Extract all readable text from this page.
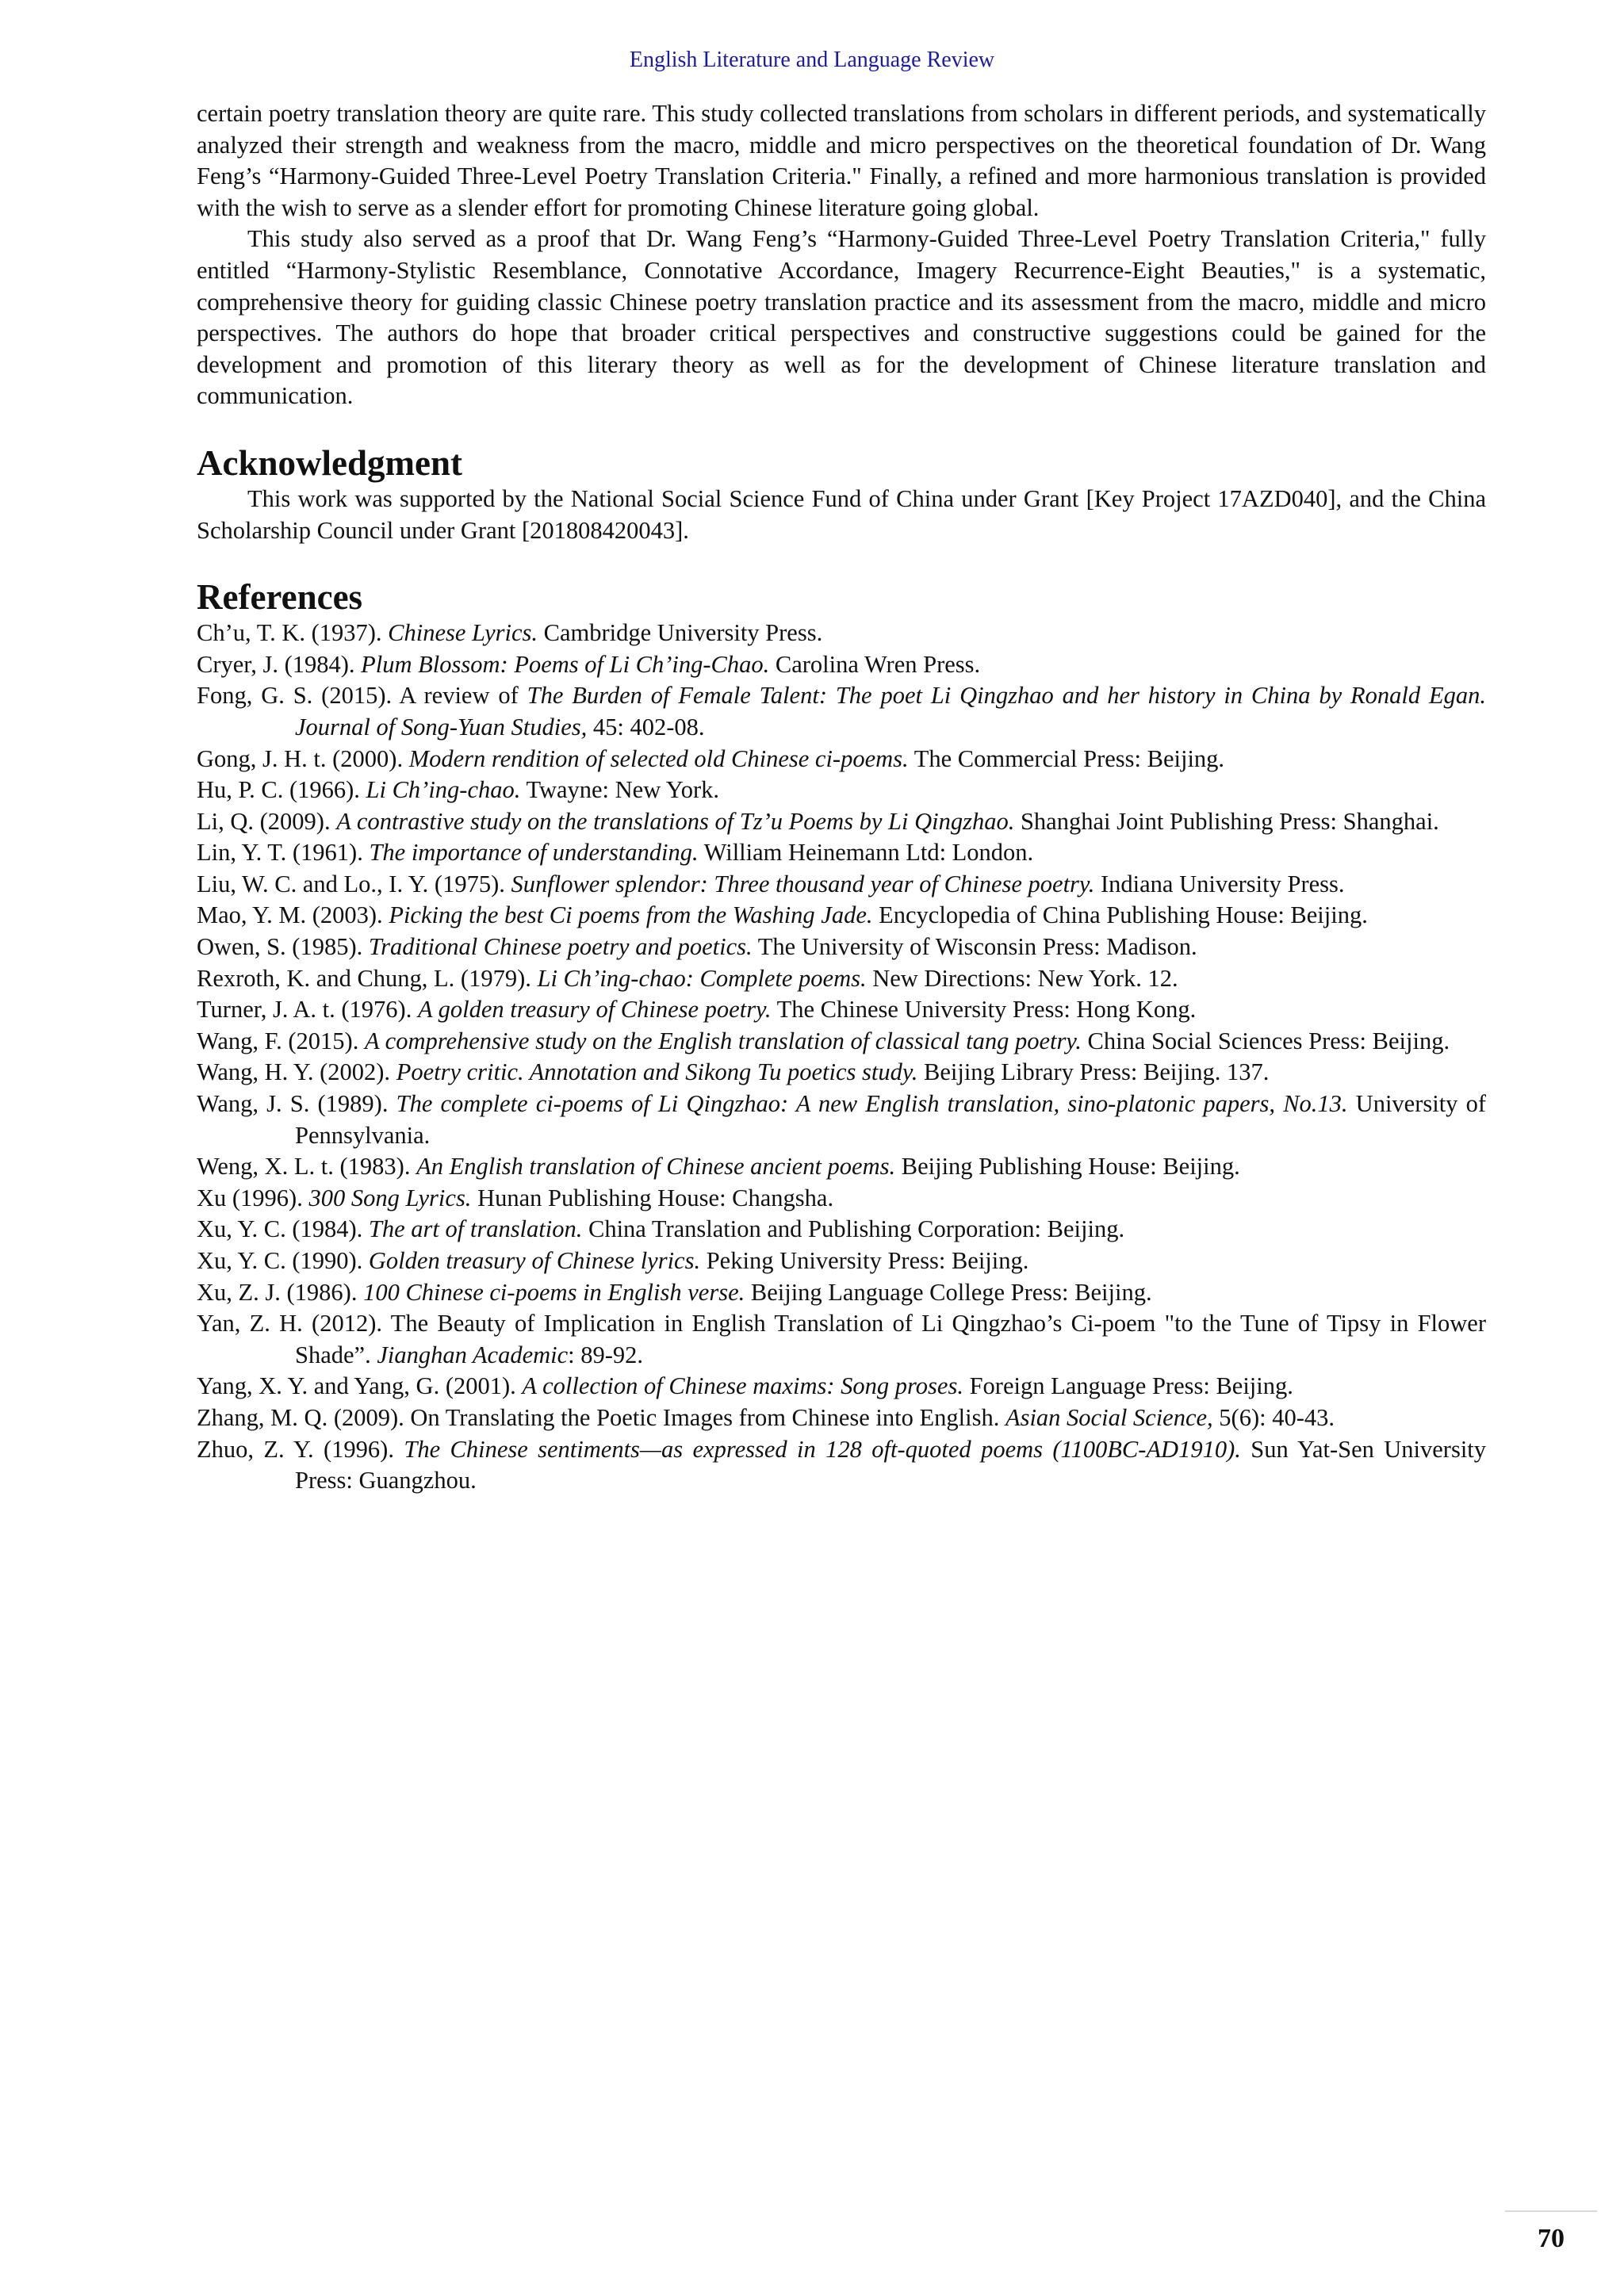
English Literature and Language Review

certain poetry translation theory are quite rare. This study collected translations from scholars in different periods, and systematically analyzed their strength and weakness from the macro, middle and micro perspectives on the theoretical foundation of Dr. Wang Feng’s “Harmony-Guided Three-Level Poetry Translation Criteria." Finally, a refined and more harmonious translation is provided with the wish to serve as a slender effort for promoting Chinese literature going global.

This study also served as a proof that Dr. Wang Feng’s “Harmony-Guided Three-Level Poetry Translation Criteria," fully entitled “Harmony-Stylistic Resemblance, Connotative Accordance, Imagery Recurrence-Eight Beauties," is a systematic, comprehensive theory for guiding classic Chinese poetry translation practice and its assessment from the macro, middle and micro perspectives. The authors do hope that broader critical perspectives and constructive suggestions could be gained for the development and promotion of this literary theory as well as for the development of Chinese literature translation and communication.

Acknowledgment

This work was supported by the National Social Science Fund of China under Grant [Key Project 17AZD040], and the China Scholarship Council under Grant [201808420043].

References
Ch’u, T. K. (1937). Chinese Lyrics. Cambridge University Press.
Cryer, J. (1984). Plum Blossom: Poems of Li Ch’ing-Chao. Carolina Wren Press.
Fong, G. S. (2015). A review of The Burden of Female Talent: The poet Li Qingzhao and her history in China by Ronald Egan. Journal of Song-Yuan Studies, 45: 402-08.
Gong, J. H. t. (2000). Modern rendition of selected old Chinese ci-poems. The Commercial Press: Beijing.
Hu, P. C. (1966). Li Ch’ing-chao. Twayne: New York.
Li, Q. (2009). A contrastive study on the translations of Tz’u Poems by Li Qingzhao. Shanghai Joint Publishing Press: Shanghai.
Lin, Y. T. (1961). The importance of understanding. William Heinemann Ltd: London.
Liu, W. C. and Lo., I. Y. (1975). Sunflower splendor: Three thousand year of Chinese poetry. Indiana University Press.
Mao, Y. M. (2003). Picking the best Ci poems from the Washing Jade. Encyclopedia of China Publishing House: Beijing.
Owen, S. (1985). Traditional Chinese poetry and poetics. The University of Wisconsin Press: Madison.
Rexroth, K. and Chung, L. (1979). Li Ch’ing-chao: Complete poems. New Directions: New York. 12.
Turner, J. A. t. (1976). A golden treasury of Chinese poetry. The Chinese University Press: Hong Kong.
Wang, F. (2015). A comprehensive study on the English translation of classical tang poetry. China Social Sciences Press: Beijing.
Wang, H. Y. (2002). Poetry critic. Annotation and Sikong Tu poetics study. Beijing Library Press: Beijing. 137.
Wang, J. S. (1989). The complete ci-poems of Li Qingzhao: A new English translation, sino-platonic papers, No.13. University of Pennsylvania.
Weng, X. L. t. (1983). An English translation of Chinese ancient poems. Beijing Publishing House: Beijing.
Xu (1996). 300 Song Lyrics. Hunan Publishing House: Changsha.
Xu, Y. C. (1984). The art of translation. China Translation and Publishing Corporation: Beijing.
Xu, Y. C. (1990). Golden treasury of Chinese lyrics. Peking University Press: Beijing.
Xu, Z. J. (1986). 100 Chinese ci-poems in English verse. Beijing Language College Press: Beijing.
Yan, Z. H. (2012). The Beauty of Implication in English Translation of Li Qingzhao’s Ci-poem "to the Tune of Tipsy in Flower Shade”. Jianghan Academic: 89-92.
Yang, X. Y. and Yang, G. (2001). A collection of Chinese maxims: Song proses. Foreign Language Press: Beijing.
Zhang, M. Q. (2009). On Translating the Poetic Images from Chinese into English. Asian Social Science, 5(6): 40-43.
Zhuo, Z. Y. (1996). The Chinese sentiments—as expressed in 128 oft-quoted poems (1100BC-AD1910). Sun Yat-Sen University Press: Guangzhou.
70
